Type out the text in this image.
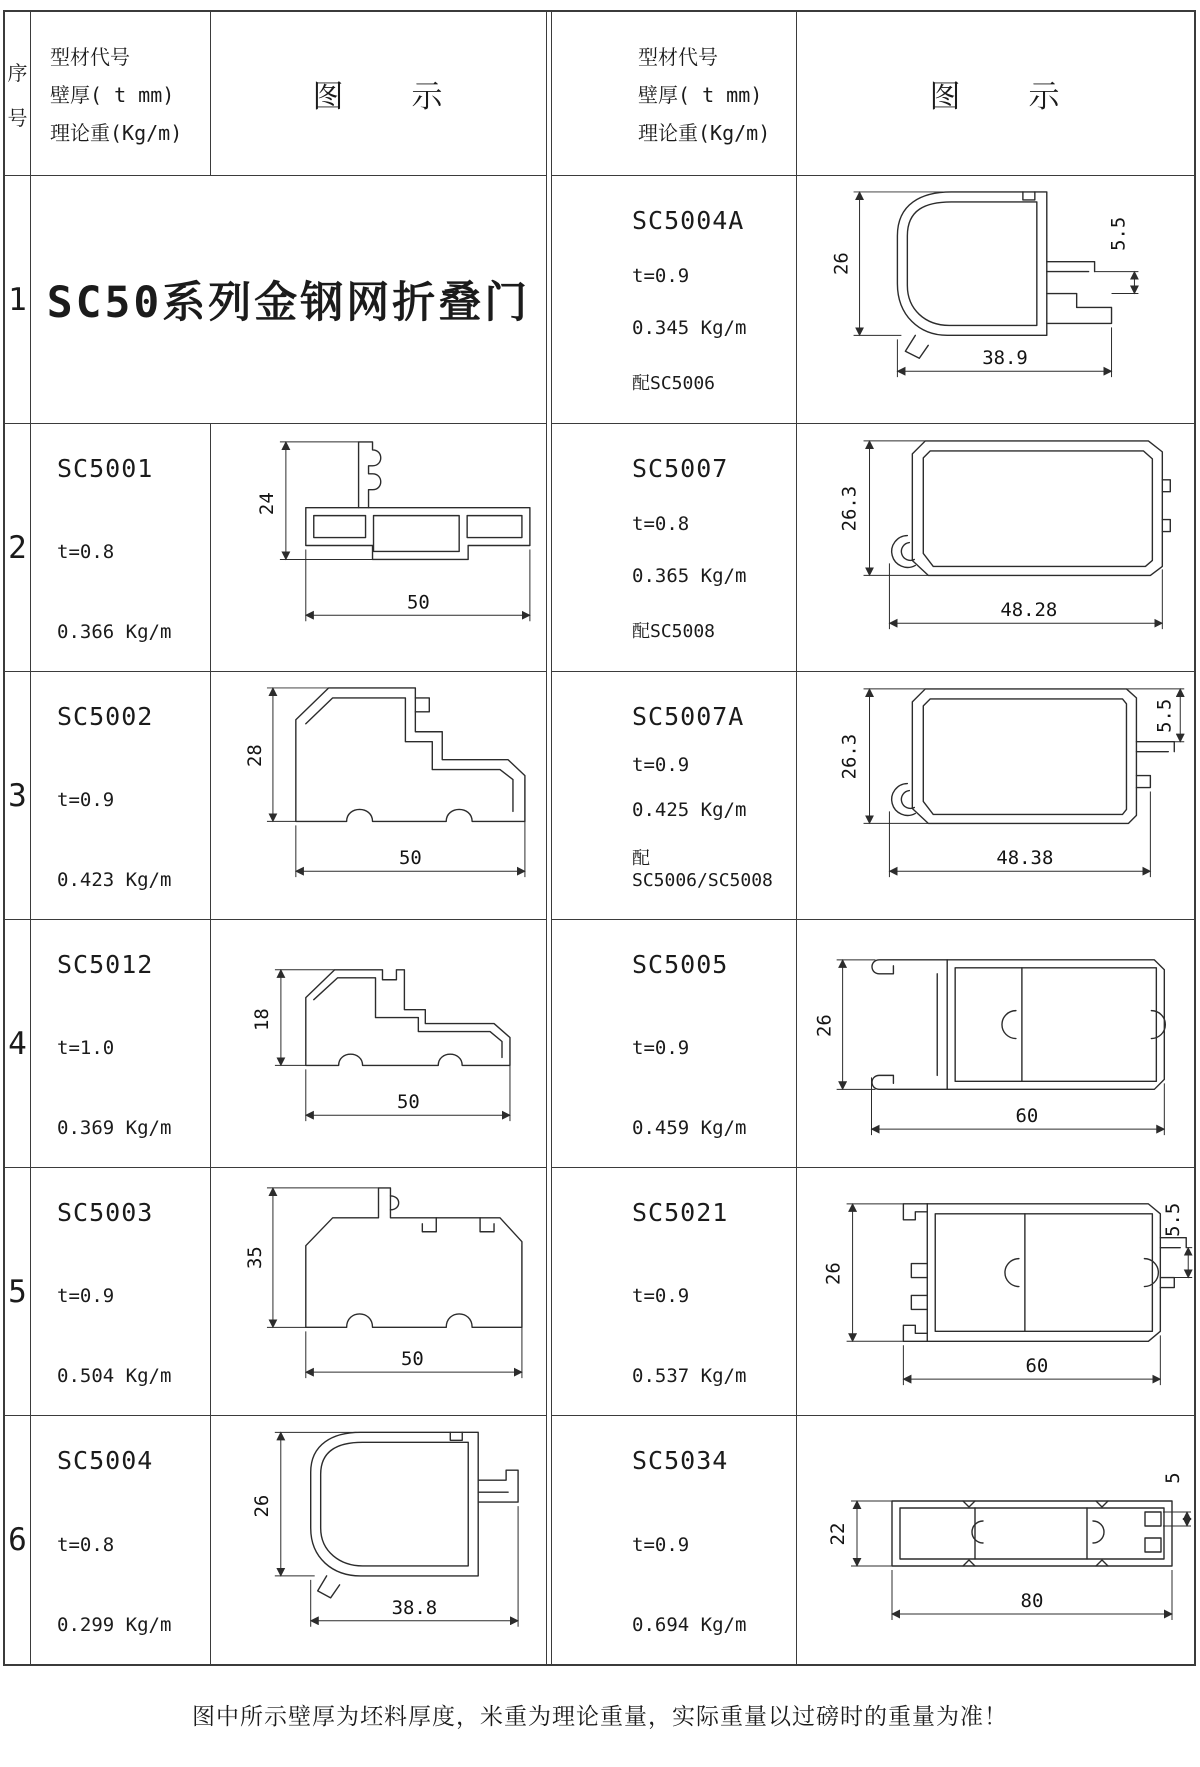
序
号
型材代号
壁厚( t mm)
理论重(Kg/m)
图　　示
型材代号
壁厚( t mm)
理论重(Kg/m)
图　　示
1 SC50系列金钢网折叠门
SC5004A
t=0.9
0.345 Kg/m
配SC5006
26
38.9
5.5
2
SC5001
t=0.8
0.366 Kg/m
24
50
SC5007
t=0.8
0.365 Kg/m
配SC5008
26.3
48.28
3
SC5002
t=0.9
0.423 Kg/m
28
50
SC5007A
t=0.9
0.425 Kg/m
配SC5006/SC5008
26.3
48.38
5.5
4
SC5012
t=1.0
0.369 Kg/m
18
50
SC5005
t=0.9
0.459 Kg/m
26
60
5
SC5003
t=0.9
0.504 Kg/m
35
50
SC5021
t=0.9
0.537 Kg/m
26
60
5.5
6
SC5004
t=0.8
0.299 Kg/m
26
38.8
SC5034
t=0.9
0.694 Kg/m
22
80
5
图中所示壁厚为坯料厚度，米重为理论重量，实际重量以过磅时的重量为准！
